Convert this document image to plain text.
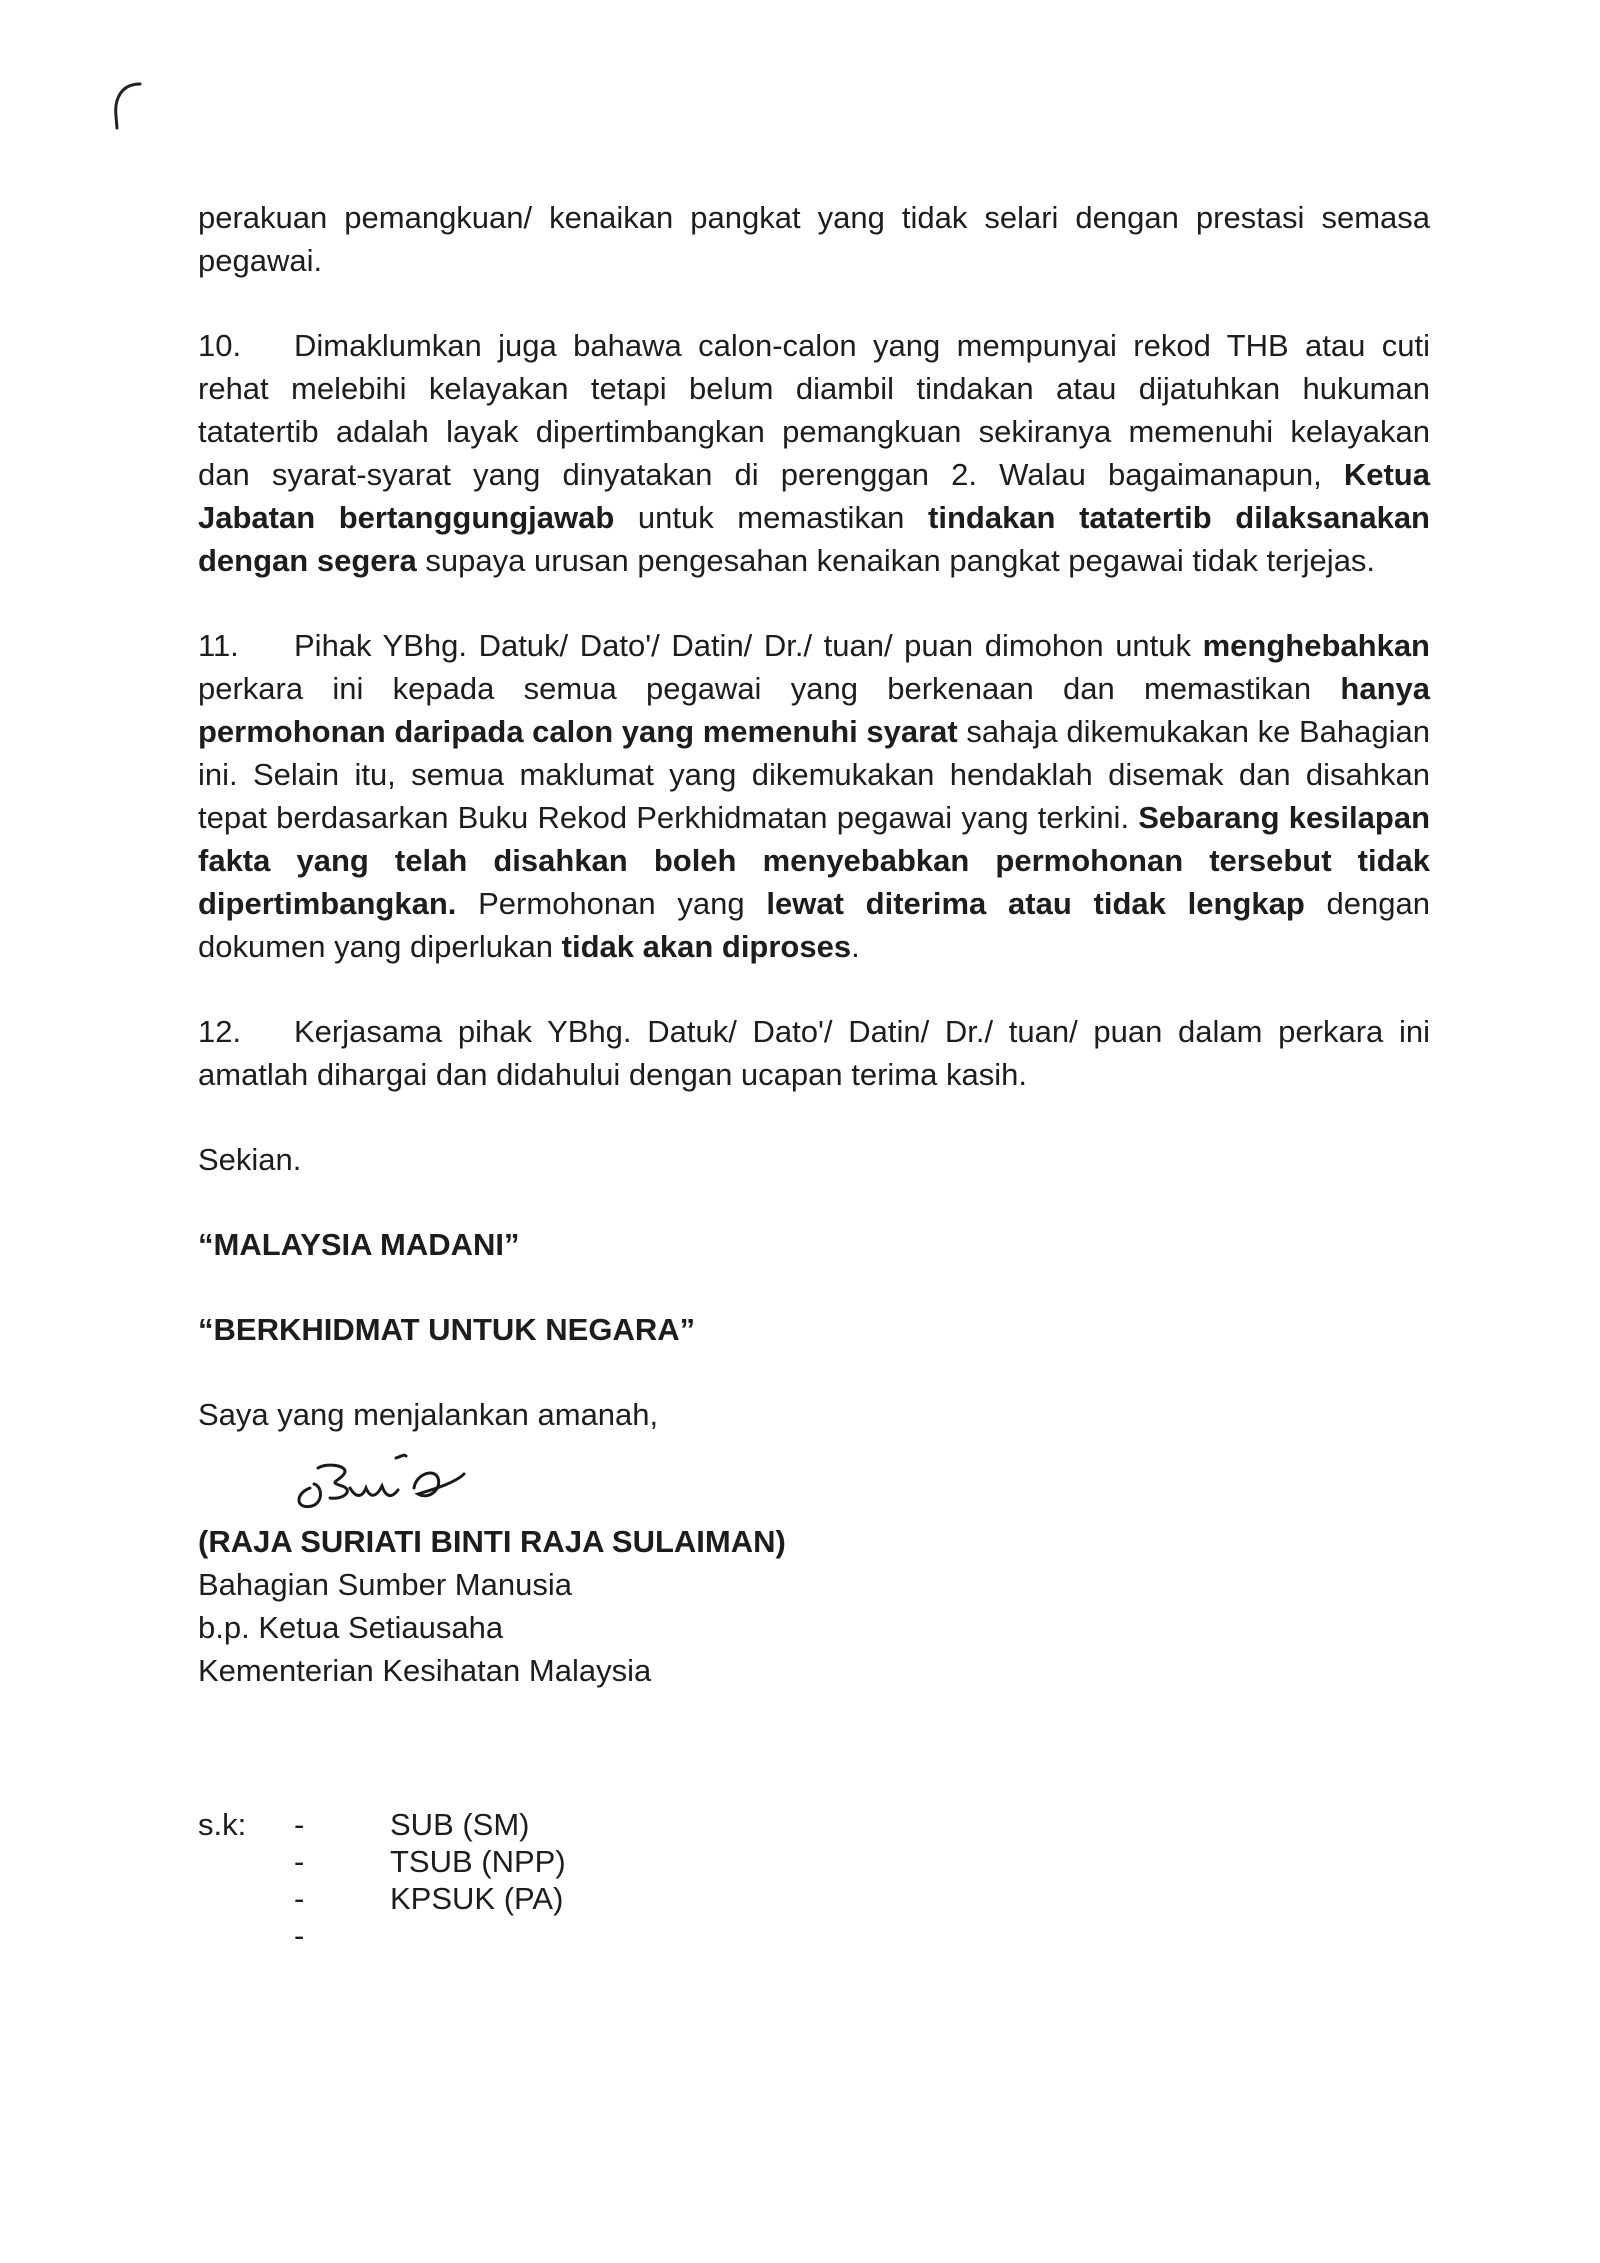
perakuan pemangkuan/ kenaikan pangkat yang tidak selari dengan prestasi semasa pegawai.

10. Dimaklumkan juga bahawa calon-calon yang mempunyai rekod THB atau cuti rehat melebihi kelayakan tetapi belum diambil tindakan atau dijatuhkan hukuman tatatertib adalah layak dipertimbangkan pemangkuan sekiranya memenuhi kelayakan dan syarat-syarat yang dinyatakan di perenggan 2. Walau bagaimanapun, Ketua Jabatan bertanggungjawab untuk memastikan tindakan tatatertib dilaksanakan dengan segera supaya urusan pengesahan kenaikan pangkat pegawai tidak terjejas.

11. Pihak YBhg. Datuk/ Dato'/ Datin/ Dr./ tuan/ puan dimohon untuk menghebahkan perkara ini kepada semua pegawai yang berkenaan dan memastikan hanya permohonan daripada calon yang memenuhi syarat sahaja dikemukakan ke Bahagian ini. Selain itu, semua maklumat yang dikemukakan hendaklah disemak dan disahkan tepat berdasarkan Buku Rekod Perkhidmatan pegawai yang terkini. Sebarang kesilapan fakta yang telah disahkan boleh menyebabkan permohonan tersebut tidak dipertimbangkan. Permohonan yang lewat diterima atau tidak lengkap dengan dokumen yang diperlukan tidak akan diproses.

12. Kerjasama pihak YBhg. Datuk/ Dato'/ Datin/ Dr./ tuan/ puan dalam perkara ini amatlah dihargai dan didahului dengan ucapan terima kasih.

Sekian.

“MALAYSIA MADANI”

“BERKHIDMAT UNTUK NEGARA”

Saya yang menjalankan amanah,

(RAJA SURIATI BINTI RAJA SULAIMAN)

Bahagian Sumber Manusia

b.p. Ketua Setiausaha

Kementerian Kesihatan Malaysia

s.k:	-	SUB (SM)
-	TSUB (NPP)
-	KPSUK (PA)
-
